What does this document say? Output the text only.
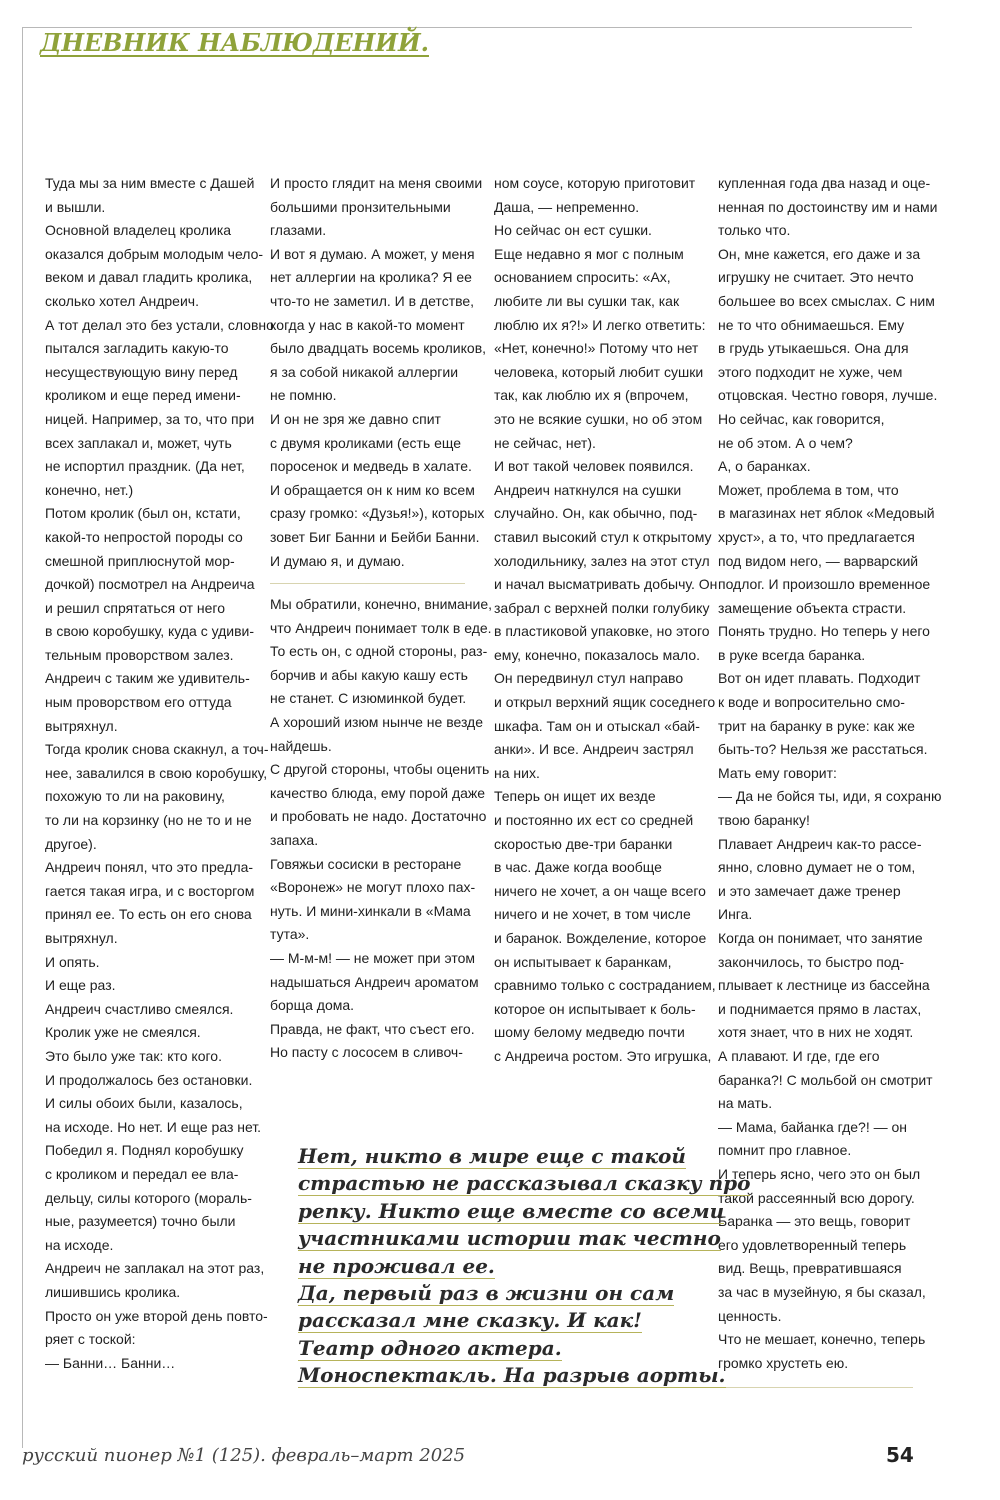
ДНЕВНИК НАБЛЮДЕНИЙ.
Туда мы за ним вместе с Дашей
и вышли.
Основной владелец кролика
оказался добрым молодым чело-
веком и давал гладить кролика,
сколько хотел Андреич.
А тот делал это без устали, словно
пытался загладить какую-то
несуществующую вину перед
кроликом и еще перед имени-
ницей. Например, за то, что при
всех заплакал и, может, чуть
не испортил праздник. (Да нет,
конечно, нет.)
Потом кролик (был он, кстати,
какой-то непростой породы со
смешной приплюснутой мор-
дочкой) посмотрел на Андреича
и решил спрятаться от него
в свою коробушку, куда с удиви-
тельным проворством залез.
Андреич с таким же удивитель-
ным проворством его оттуда
вытряхнул.
Тогда кролик снова скакнул, а точ-
нее, завалился в свою коробушку,
похожую то ли на раковину,
то ли на корзинку (но не то и не
другое).
Андреич понял, что это предла-
гается такая игра, и с восторгом
принял ее. То есть он его снова
вытряхнул.
И опять.
И еще раз.
Андреич счастливо смеялся.
Кролик уже не смеялся.
Это было уже так: кто кого.
И продолжалось без остановки.
И силы обоих были, казалось,
на исходе. Но нет. И еще раз нет.
Победил я. Поднял коробушку
с кроликом и передал ее вла-
дельцу, силы которого (мораль-
ные, разумеется) точно были
на исходе.
Андреич не заплакал на этот раз,
лишившись кролика.
Просто он уже второй день повто-
ряет с тоской:
— Банни… Банни…
И просто глядит на меня своими
большими пронзительными
глазами.
И вот я думаю. А может, у меня
нет аллергии на кролика? Я ее
что-то не заметил. И в детстве,
когда у нас в какой-то момент
было двадцать восемь кроликов,
я за собой никакой аллергии
не помню.
И он не зря же давно спит
с двумя кроликами (есть еще
поросенок и медведь в халате.
И обращается он к ним ко всем
сразу громко: «Дузья!»), которых
зовет Биг Банни и Бейби Банни.
И думаю я, и думаю.
Мы обратили, конечно, внимание,
что Андреич понимает толк в еде.
То есть он, с одной стороны, раз-
борчив и абы какую кашу есть
не станет. С изюминкой будет.
А хороший изюм нынче не везде
найдешь.
С другой стороны, чтобы оценить
качество блюда, ему порой даже
и пробовать не надо. Достаточно
запаха.
Говяжьи сосиски в ресторане
«Воронеж» не могут плохо пах-
нуть. И мини-хинкали в «Мама
тута».
— М-м-м! — не может при этом
надышаться Андреич ароматом
борща дома.
Правда, не факт, что съест его.
Но пасту с лососем в сливоч-
ном соусе, которую приготовит
Даша, — непременно.
Но сейчас он ест сушки.
Еще недавно я мог с полным
основанием спросить: «Ах,
любите ли вы сушки так, как
люблю их я?!» И легко ответить:
«Нет, конечно!» Потому что нет
человека, который любит сушки
так, как люблю их я (впрочем,
это не всякие сушки, но об этом
не сейчас, нет).
И вот такой человек появился.
Андреич наткнулся на сушки
случайно. Он, как обычно, под-
ставил высокий стул к открытому
холодильнику, залез на этот стул
и начал высматривать добычу. Он
забрал с верхней полки голубику
в пластиковой упаковке, но этого
ему, конечно, показалось мало.
Он передвинул стул направо
и открыл верхний ящик соседнего
шкафа. Там он и отыскал «бай-
анки». И все. Андреич застрял
на них.
Теперь он ищет их везде
и постоянно их ест со средней
скоростью две-три баранки
в час. Даже когда вообще
ничего не хочет, а он чаще всего
ничего и не хочет, в том числе
и баранок. Вожделение, которое
он испытывает к баранкам,
сравнимо только с состраданием,
которое он испытывает к боль-
шому белому медведю почти
с Андреича ростом. Это игрушка,
купленная года два назад и оце-
ненная по достоинству им и нами
только что.
Он, мне кажется, его даже и за
игрушку не считает. Это нечто
большее во всех смыслах. С ним
не то что обнимаешься. Ему
в грудь утыкаешься. Она для
этого подходит не хуже, чем
отцовская. Честно говоря, лучше.
Но сейчас, как говорится,
не об этом. А о чем?
А, о баранках.
Может, проблема в том, что
в магазинах нет яблок «Медовый
хруст», а то, что предлагается
под видом него, — варварский
подлог. И произошло временное
замещение объекта страсти.
Понять трудно. Но теперь у него
в руке всегда баранка.
Вот он идет плавать. Подходит
к воде и вопросительно смо-
трит на баранку в руке: как же
быть-то? Нельзя же расстаться.
Мать ему говорит:
— Да не бойся ты, иди, я сохраню
твою баранку!
Плавает Андреич как-то рассе-
янно, словно думает не о том,
и это замечает даже тренер
Инга.
Когда он понимает, что занятие
закончилось, то быстро под-
плывает к лестнице из бассейна
и поднимается прямо в ластах,
хотя знает, что в них не ходят.
А плавают. И где, где его
баранка?! С мольбой он смотрит
на мать.
— Мама, байанка где?! — он
помнит про главное.
И теперь ясно, чего это он был
такой рассеянный всю дорогу.
Баранка — это вещь, говорит
его удовлетворенный теперь
вид. Вещь, превратившаяся
за час в музейную, я бы сказал,
ценность.
Что не мешает, конечно, теперь
громко хрустеть ею.
Нет, никто в мире еще с такой
страстью не рассказывал сказку про
репку. Никто еще вместе со всеми
участниками истории так честно
не проживал ее.
Да, первый раз в жизни он сам
рассказал мне сказку. И как!
Театр одного актера.
Моноспектакль. На разрыв аорты.
русский пионер №1 (125). февраль–март 2025	54
